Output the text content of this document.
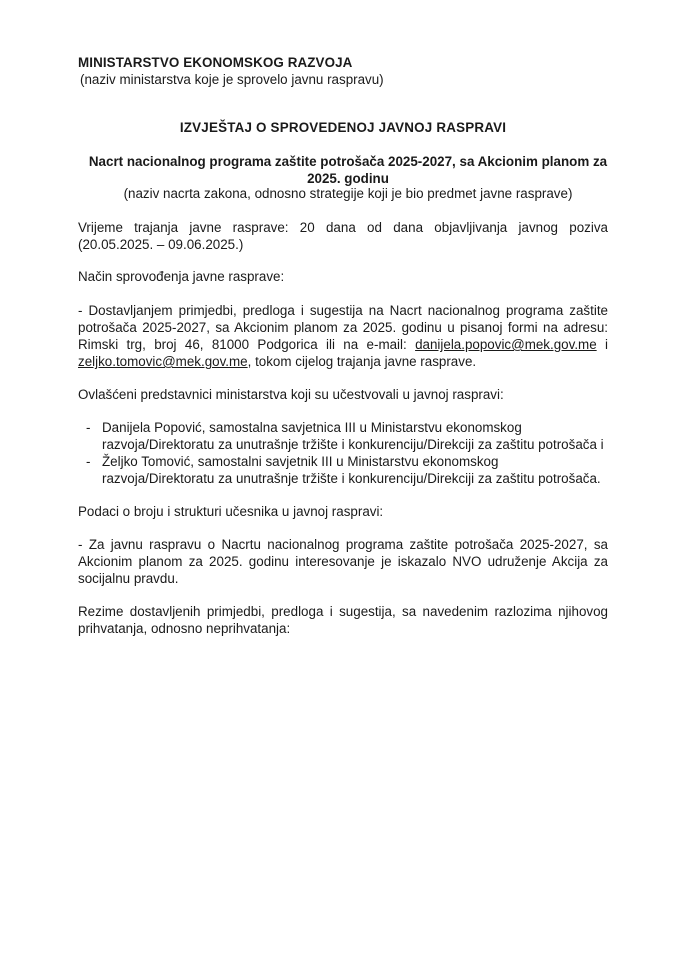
MINISTARSTVO EKONOMSKOG RAZVOJA
(naziv ministarstva koje je sprovelo javnu raspravu)
IZVJEŠTAJ O SPROVEDENOJ JAVNOJ RASPRAVI
Nacrt nacionalnog programa zaštite potrošača 2025-2027, sa Akcionim planom za 2025. godinu
(naziv nacrta zakona, odnosno strategije koji je bio predmet javne rasprave)
Vrijeme trajanja javne rasprave: 20 dana od dana objavljivanja javnog poziva (20.05.2025. – 09.06.2025.)
Način sprovođenja javne rasprave:
- Dostavljanjem primjedbi, predloga i sugestija na Nacrt nacionalnog programa zaštite potrošača 2025-2027, sa Akcionim planom za 2025. godinu u pisanoj formi na adresu: Rimski trg, broj 46, 81000 Podgorica ili na e-mail: danijela.popovic@mek.gov.me i zeljko.tomovic@mek.gov.me, tokom cijelog trajanja javne rasprave.
Ovlašćeni predstavnici ministarstva koji su učestvovali u javnoj raspravi:
- Danijela Popović, samostalna savjetnica III u Ministarstvu ekonomskog razvoja/Direktoratu za unutrašnje tržište i konkurenciju/Direkciji za zaštitu potrošača i
- Željko Tomović, samostalni savjetnik III u Ministarstvu ekonomskog razvoja/Direktoratu za unutrašnje tržište i konkurenciju/Direkciji za zaštitu potrošača.
Podaci o broju i strukturi učesnika u javnoj raspravi:
- Za javnu raspravu o Nacrtu nacionalnog programa zaštite potrošača 2025-2027, sa Akcionim planom za 2025. godinu interesovanje je iskazalo NVO udruženje Akcija za socijalnu pravdu.
Rezime dostavljenih primjedbi, predloga i sugestija, sa navedenim razlozima njihovog prihvatanja, odnosno neprihvatanja:
